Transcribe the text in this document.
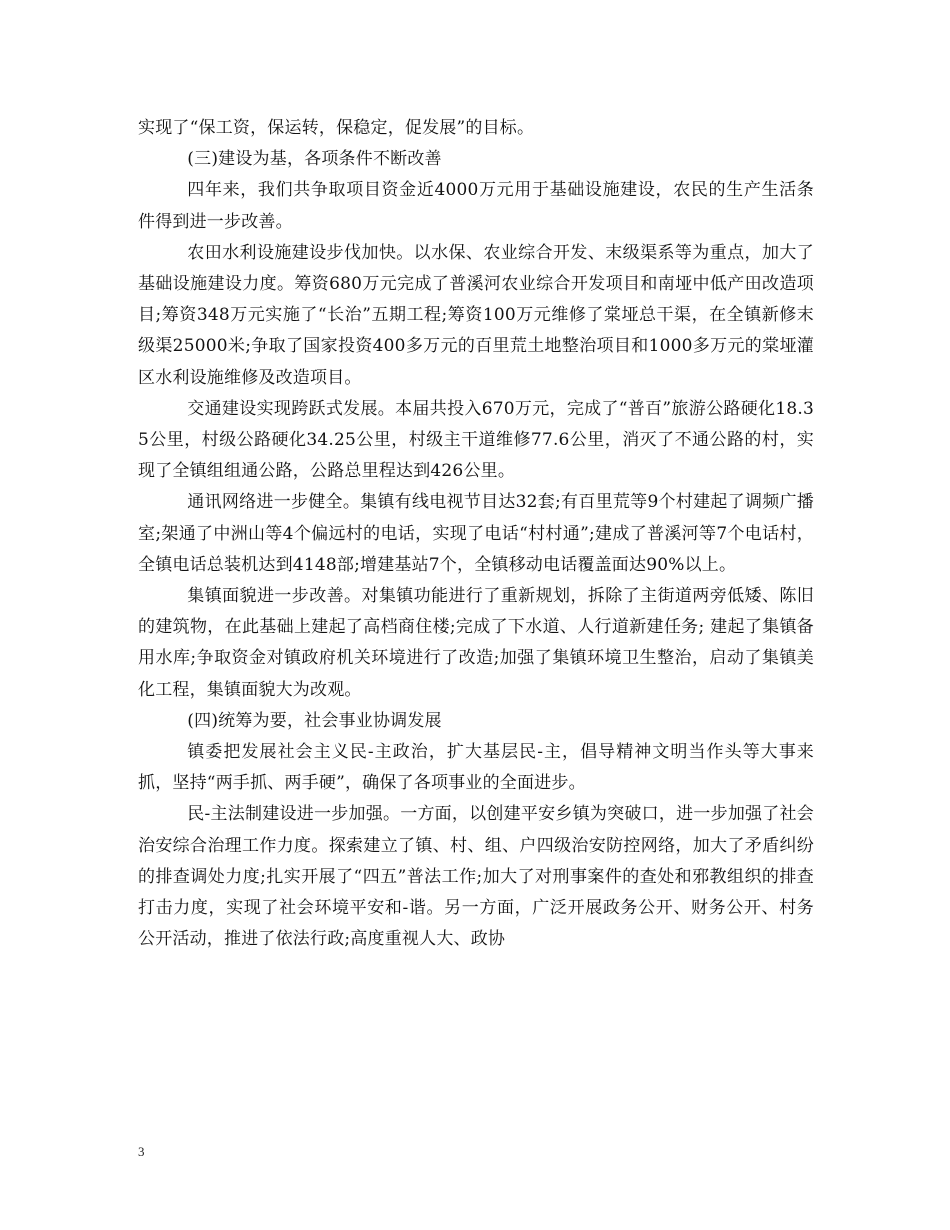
实现了“保工资，保运转，保稳定，促发展”的目标。

(三)建设为基，各项条件不断改善

四年来，我们共争取项目资金近4000万元用于基础设施建设，农民的生产生活条件得到进一步改善。

农田水利设施建设步伐加快。以水保、农业综合开发、末级渠系等为重点，加大了基础设施建设力度。筹资680万元完成了普溪河农业综合开发项目和南垭中低产田改造项目;筹资348万元实施了“长治”五期工程;筹资100万元维修了棠垭总干渠，在全镇新修末级渠25000米;争取了国家投资400多万元的百里荒土地整治项目和1000多万元的棠垭灌区水利设施维修及改造项目。

交通建设实现跨跃式发展。本届共投入670万元，完成了“普百”旅游公路硬化18.35公里，村级公路硬化34.25公里，村级主干道维修77.6公里，消灭了不通公路的村，实现了全镇组组通公路，公路总里程达到426公里。

通讯网络进一步健全。集镇有线电视节目达32套;有百里荒等9个村建起了调频广播室;架通了中洲山等4个偏远村的电话，实现了电话“村村通”;建成了普溪河等7个电话村，全镇电话总装机达到4148部;增建基站7个，全镇移动电话覆盖面达90%以上。

集镇面貌进一步改善。对集镇功能进行了重新规划，拆除了主街道两旁低矮、陈旧的建筑物，在此基础上建起了高档商住楼;完成了下水道、人行道新建任务; 建起了集镇备用水库;争取资金对镇政府机关环境进行了改造;加强了集镇环境卫生整治，启动了集镇美化工程，集镇面貌大为改观。

(四)统筹为要，社会事业协调发展

镇委把发展社会主义民-主政治，扩大基层民-主，倡导精神文明当作头等大事来抓，坚持“两手抓、两手硬”，确保了各项事业的全面进步。

民-主法制建设进一步加强。一方面，以创建平安乡镇为突破口，进一步加强了社会治安综合治理工作力度。探索建立了镇、村、组、户四级治安防控网络，加大了矛盾纠纷的排查调处力度;扎实开展了“四五”普法工作;加大了对刑事案件的查处和邪教组织的排查打击力度，实现了社会环境平安和-谐。另一方面，广泛开展政务公开、财务公开、村务公开活动，推进了依法行政;高度重视人大、政协

3
